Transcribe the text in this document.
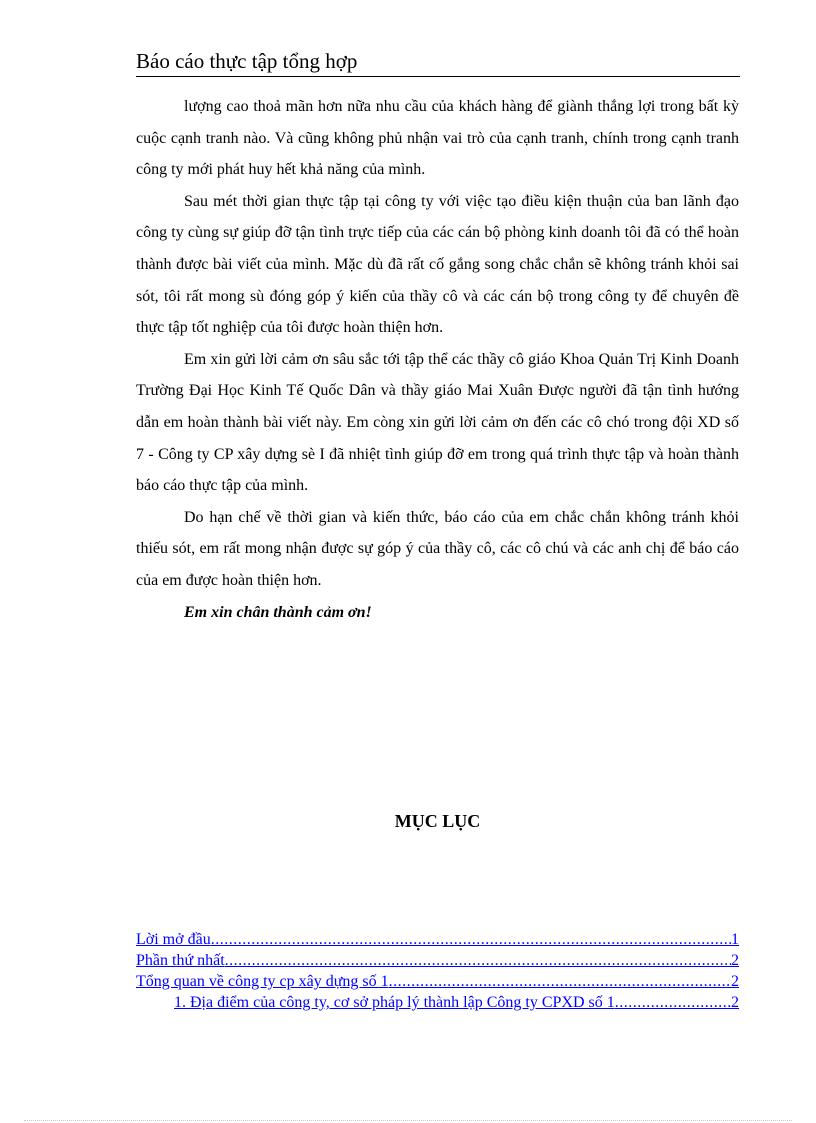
Báo cáo thực tập tổng hợp

lượng cao thoả mãn hơn nữa nhu cầu của khách hàng để giành thắng lợi trong bất kỳ cuộc cạnh tranh nào. Và cũng không phủ nhận vai trò của cạnh tranh, chính trong cạnh tranh công ty mới phát huy hết khả năng của mình.

Sau mét thời gian thực tập tại công ty với việc tạo điều kiện thuận của ban lãnh đạo công ty cùng sự giúp đỡ tận tình trực tiếp của các cán bộ phòng kinh doanh tôi đã có thể hoàn thành được bài viết của mình. Mặc dù đã rất cố gắng song chắc chắn sẽ không tránh khỏi sai sót, tôi rất mong sù đóng góp ý kiến của thầy cô và các cán bộ trong công ty để chuyên đề thực tập tốt nghiệp của tôi được hoàn thiện hơn.

Em xin gửi lời cảm ơn sâu sắc tới tập thể các thầy cô giáo Khoa Quản Trị Kinh Doanh Trường Đại Học Kinh Tế Quốc Dân và thầy giáo Mai Xuân Được người đã tận tình hướng dẫn em hoàn thành bài viết này. Em còng xin gửi lời cảm ơn đến các cô chó trong đội XD số 7 - Công ty CP xây dựng sè I đã nhiệt tình giúp đỡ em trong quá trình thực tập và hoàn thành báo cáo thực tập của mình.

Do hạn chế về thời gian và kiến thức, báo cáo của em chắc chắn không tránh khỏi thiếu sót, em rất mong nhận được sự góp ý của thầy cô, các cô chú và các anh chị để báo cáo của em được hoàn thiện hơn.

Em xin chân thành cảm ơn!

MỤC LỤC
Lời mở đầu .....	1
Phần thứ nhất .....	2
Tổng quan về công ty cp xây dựng số 1 .....	2
1. Địa điểm của công ty, cơ sở pháp lý thành lập Công ty CPXD số 1 .....	2
